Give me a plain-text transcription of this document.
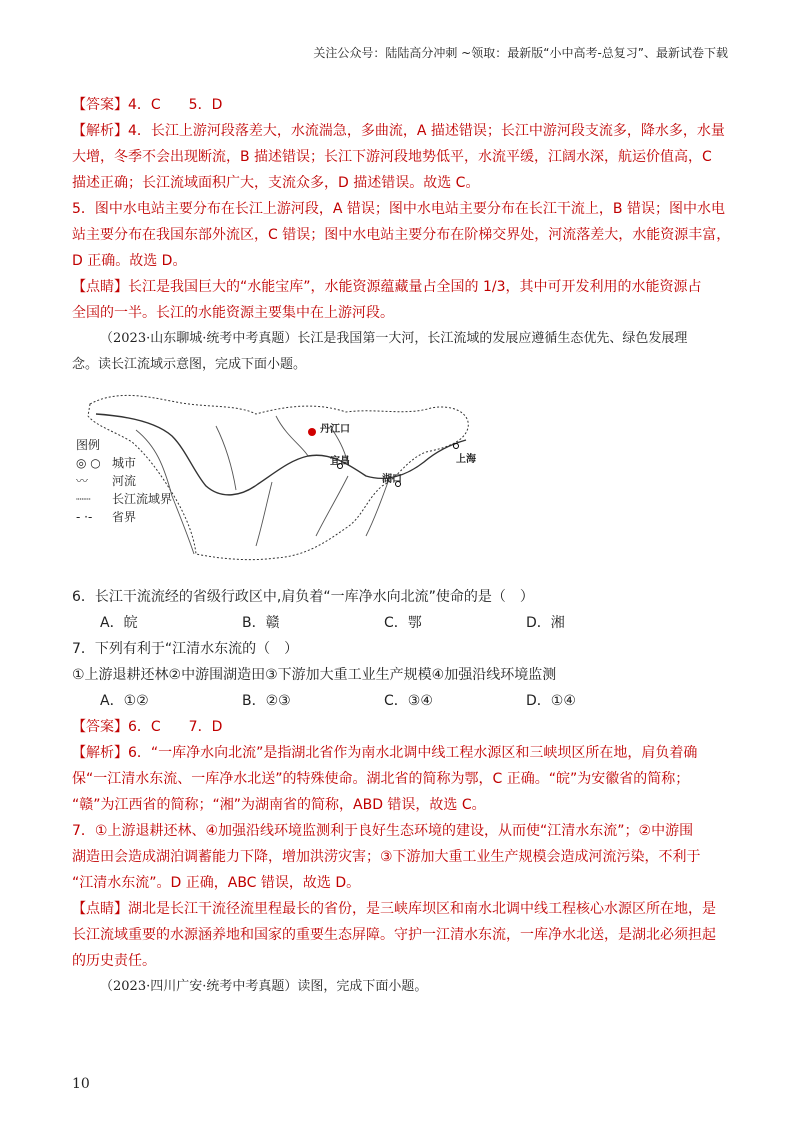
关注公众号：陆陆高分冲刺 ~领取：最新版“小中高考-总复习”、最新试卷下载
【答案】4．C　　5．D
【解析】4．长江上游河段落差大，水流湍急，多曲流，A 描述错误；长江中游河段支流多，降水多，水量
大增，冬季不会出现断流，B 描述错误；长江下游河段地势低平，水流平缓，江阔水深，航运价值高，C
描述正确；长江流域面积广大，支流众多，D 描述错误。故选 C。
5．图中水电站主要分布在长江上游河段，A 错误；图中水电站主要分布在长江干流上，B 错误；图中水电
站主要分布在我国东部外流区，C 错误；图中水电站主要分布在阶梯交界处，河流落差大，水能资源丰富，
D 正确。故选 D。
【点睛】长江是我国巨大的“水能宝库”，水能资源蕴藏量占全国的 1/3，其中可开发利用的水能资源占
全国的一半。长江的水能资源主要集中在上游河段。
（2023·山东聊城·统考中考真题）长江是我国第一大河，长江流域的发展应遵循生态优先、绿色发展理
念。读长江流域示意图，完成下面小题。
丹江口
宜昌
湖口
上海
图例
◎ ○ 城市
〰	河流
┈┈	长江流域界
‐ ·‐	省界
6．长江干流流经的省级行政区中,肩负着“一库净水向北流”使命的是（　）
A．皖	B．赣	C．鄂	D．湘
7．下列有利于“江清水东流的（　）
①上游退耕还林②中游围湖造田③下游加大重工业生产规模④加强沿线环境监测
A．①②	B．②③	C．③④	D．①④
【答案】6．C　　7．D
【解析】6．“一库净水向北流”是指湖北省作为南水北调中线工程水源区和三峡坝区所在地，肩负着确
保“一江清水东流、一库净水北送”的特殊使命。湖北省的简称为鄂，C 正确。“皖”为安徽省的简称；
“赣”为江西省的简称；“湘”为湖南省的简称，ABD 错误，故选 C。
7．①上游退耕还林、④加强沿线环境监测利于良好生态环境的建设，从而使“江清水东流”；②中游围
湖造田会造成湖泊调蓄能力下降，增加洪涝灾害；③下游加大重工业生产规模会造成河流污染，不利于
“江清水东流”。D 正确，ABC 错误，故选 D。
【点睛】湖北是长江干流径流里程最长的省份，是三峡库坝区和南水北调中线工程核心水源区所在地，是
长江流域重要的水源涵养地和国家的重要生态屏障。守护一江清水东流，一库净水北送，是湖北必须担起
的历史责任。
（2023·四川广安·统考中考真题）读图，完成下面小题。
10
